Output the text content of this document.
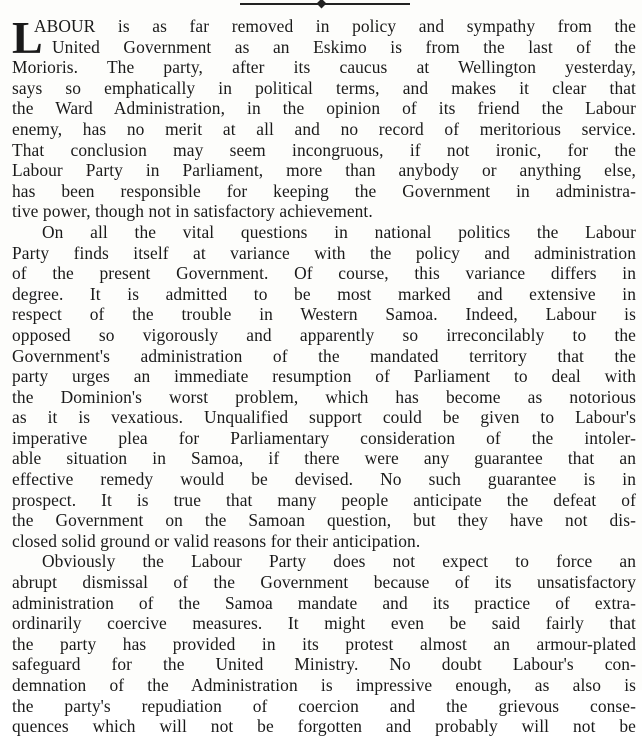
L
ABOUR is as far removed in policy and sympathy from the
United Government as an Eskimo is from the last of the
Morioris. The party, after its caucus at Wellington yesterday,
says so emphatically in political terms, and makes it clear that
the Ward Administration, in the opinion of its friend the Labour
enemy, has no merit at all and no record of meritorious service.
That conclusion may seem incongruous, if not ironic, for the
Labour Party in Parliament, more than anybody or anything else,
has been responsible for keeping the Government in administra-
tive power, though not in satisfactory achievement.
On all the vital questions in national politics the Labour
Party finds itself at variance with the policy and administration
of the present Government. Of course, this variance differs in
degree. It is admitted to be most marked and extensive in
respect of the trouble in Western Samoa. Indeed, Labour is
opposed so vigorously and apparently so irreconcilably to the
Government's administration of the mandated territory that the
party urges an immediate resumption of Parliament to deal with
the Dominion's worst problem, which has become as notorious
as it is vexatious. Unqualified support could be given to Labour's
imperative plea for Parliamentary consideration of the intoler-
able situation in Samoa, if there were any guarantee that an
effective remedy would be devised. No such guarantee is in
prospect. It is true that many people anticipate the defeat of
the Government on the Samoan question, but they have not dis-
closed solid ground or valid reasons for their anticipation.
Obviously the Labour Party does not expect to force an
abrupt dismissal of the Government because of its unsatisfactory
administration of the Samoa mandate and its practice of extra-
ordinarily coercive measures. It might even be said fairly that
the party has provided in its protest almost an armour-plated
safeguard for the United Ministry. No doubt Labour's con-
demnation of the Administration is impressive enough, as also is
the party's repudiation of coercion and the grievous conse-
quences which will not be forgotten and probably will not be
